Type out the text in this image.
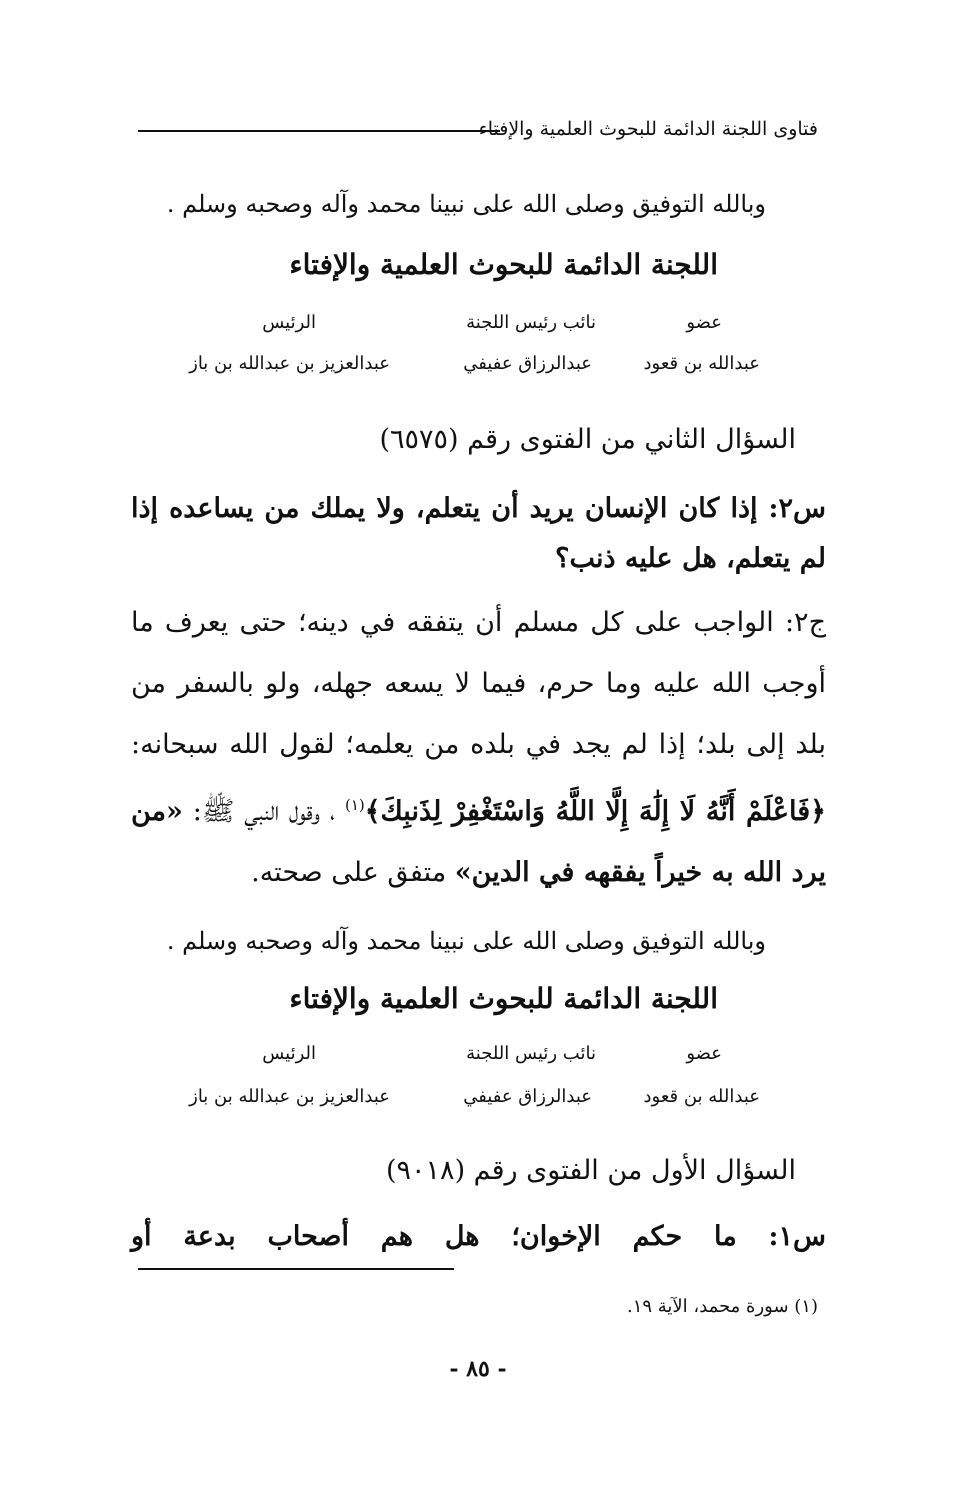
فتاوى اللجنة الدائمة للبحوث العلمية والإفتاء
وبالله التوفيق وصلى الله على نبينا محمد وآله وصحبه وسلم .
اللجنة الدائمة للبحوث العلمية والإفتاء
عضو
نائب رئيس اللجنة
الرئيس
عبدالله بن قعود
عبدالرزاق عفيفي
عبدالعزيز بن عبدالله بن باز
السؤال الثاني من الفتوى رقم (٦٥٧٥)
س٢: إذا كان الإنسان يريد أن يتعلم، ولا يملك من يساعده إذا لم يتعلم، هل عليه ذنب؟
ج٢: الواجب على كل مسلم أن يتفقه في دينه؛ حتى يعرف ما أوجب الله عليه وما حرم، فيما لا يسعه جهله، ولو بالسفر من بلد إلى بلد؛ إذا لم يجد في بلده من يعلمه؛ لقول الله سبحانه: ﴿فَاعْلَمْ أَنَّهُ لَا إِلَٰهَ إِلَّا اللَّهُ وَاسْتَغْفِرْ لِذَنبِكَ﴾$^{(١)}$ ، وقول النبي ﷺ: «من يرد الله به خيراً يفقهه في الدين» متفق على صحته.
وبالله التوفيق وصلى الله على نبينا محمد وآله وصحبه وسلم .
اللجنة الدائمة للبحوث العلمية والإفتاء
عضو
نائب رئيس اللجنة
الرئيس
عبدالله بن قعود
عبدالرزاق عفيفي
عبدالعزيز بن عبدالله بن باز
السؤال الأول من الفتوى رقم (٩٠١٨)
س١: ما حكم الإخوان؛ هل هم أصحاب بدعة أو
(١) سورة محمد، الآية ١٩.
- ٨٥ -
